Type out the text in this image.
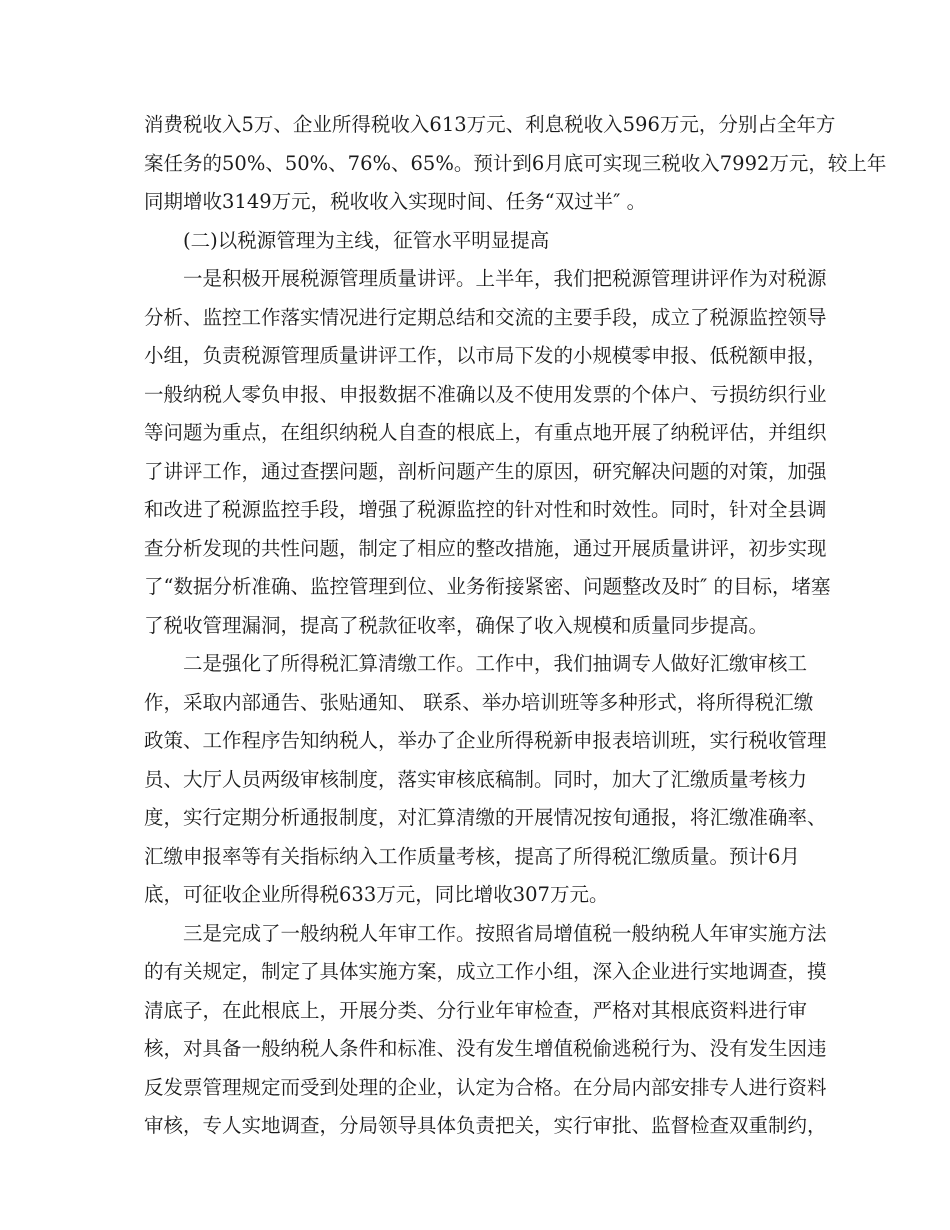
消费税收入5万、企业所得税收入613万元、利息税收入596万元，分别占全年方
案任务的50%、50%、76%、65%。预计到6月底可实现三税收入7992万元，较上年
同期增收3149万元，税收收入实现时间、任务“双过半″ 。
(二)以税源管理为主线，征管水平明显提高
一是积极开展税源管理质量讲评。上半年，我们把税源管理讲评作为对税源
分析、监控工作落实情况进行定期总结和交流的主要手段，成立了税源监控领导
小组，负责税源管理质量讲评工作，以市局下发的小规模零申报、低税额申报，
一般纳税人零负申报、申报数据不准确以及不使用发票的个体户、亏损纺织行业
等问题为重点，在组织纳税人自查的根底上，有重点地开展了纳税评估，并组织
了讲评工作，通过查摆问题，剖析问题产生的原因，研究解决问题的对策，加强
和改进了税源监控手段，增强了税源监控的针对性和时效性。同时，针对全县调
查分析发现的共性问题，制定了相应的整改措施，通过开展质量讲评，初步实现
了“数据分析准确、监控管理到位、业务衔接紧密、问题整改及时″ 的目标，堵塞
了税收管理漏洞，提高了税款征收率，确保了收入规模和质量同步提高。
二是强化了所得税汇算清缴工作。工作中，我们抽调专人做好汇缴审核工
作，采取内部通告、张贴通知、 联系、举办培训班等多种形式，将所得税汇缴
政策、工作程序告知纳税人，举办了企业所得税新申报表培训班，实行税收管理
员、大厅人员两级审核制度，落实审核底稿制。同时，加大了汇缴质量考核力
度，实行定期分析通报制度，对汇算清缴的开展情况按旬通报，将汇缴准确率、
汇缴申报率等有关指标纳入工作质量考核，提高了所得税汇缴质量。预计6月
底，可征收企业所得税633万元，同比增收307万元。
三是完成了一般纳税人年审工作。按照省局增值税一般纳税人年审实施方法
的有关规定，制定了具体实施方案，成立工作小组，深入企业进行实地调查，摸
清底子，在此根底上，开展分类、分行业年审检查，严格对其根底资料进行审
核，对具备一般纳税人条件和标准、没有发生增值税偷逃税行为、没有发生因违
反发票管理规定而受到处理的企业，认定为合格。在分局内部安排专人进行资料
审核，专人实地调查，分局领导具体负责把关，实行审批、监督检查双重制约，
